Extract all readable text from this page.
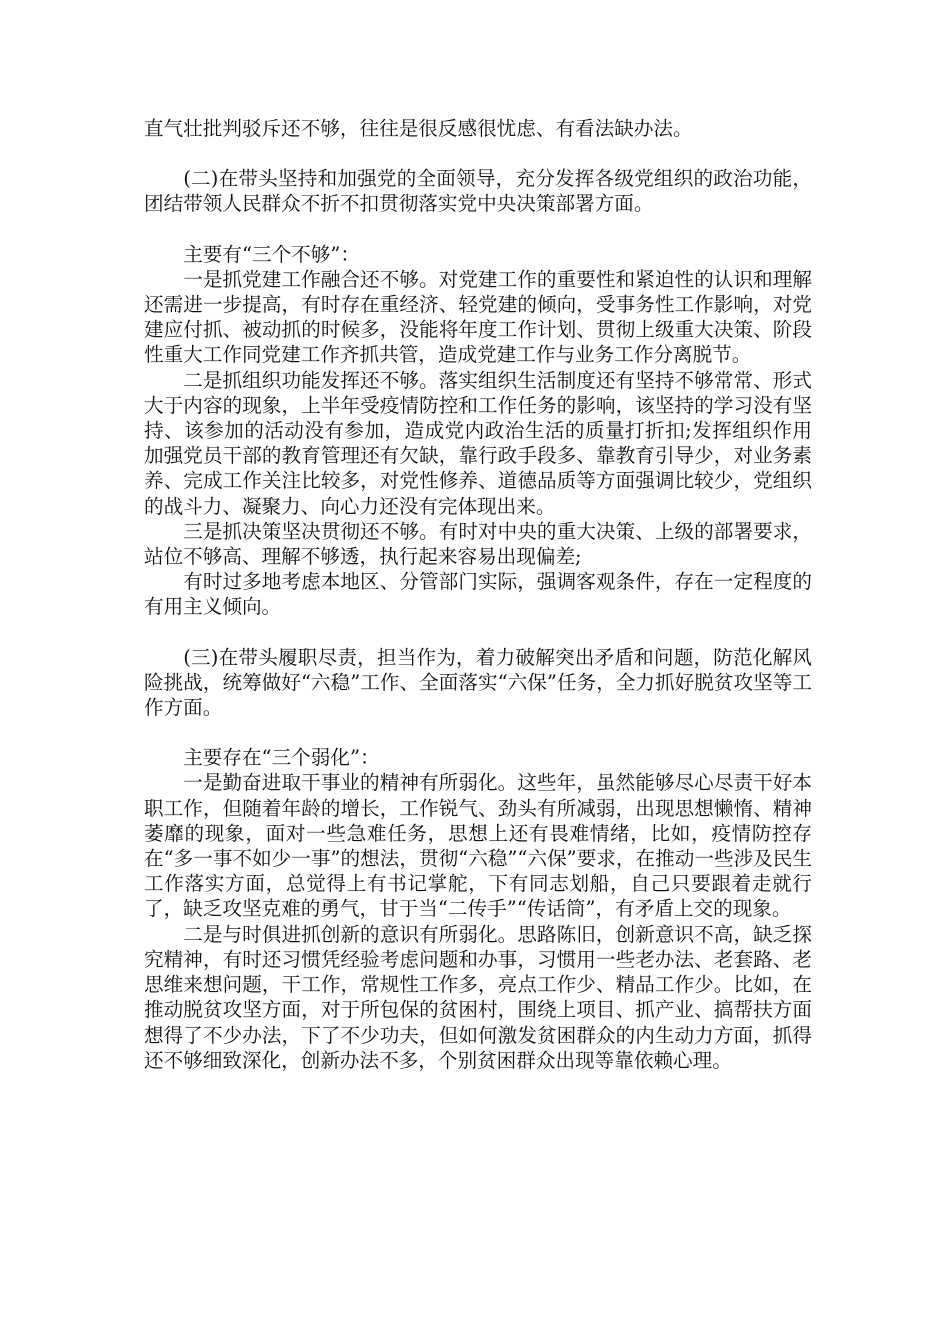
直气壮批判驳斥还不够，往往是很反感很忧虑、有看法缺办法。

(二)在带头坚持和加强党的全面领导，充分发挥各级党组织的政治功能，团结带领人民群众不折不扣贯彻落实党中央决策部署方面。

主要有“三个不够”：

一是抓党建工作融合还不够。对党建工作的重要性和紧迫性的认识和理解还需进一步提高，有时存在重经济、轻党建的倾向，受事务性工作影响，对党建应付抓、被动抓的时候多，没能将年度工作计划、贯彻上级重大决策、阶段性重大工作同党建工作齐抓共管，造成党建工作与业务工作分离脱节。

二是抓组织功能发挥还不够。落实组织生活制度还有坚持不够常常、形式大于内容的现象，上半年受疫情防控和工作任务的影响，该坚持的学习没有坚持、该参加的活动没有参加，造成党内政治生活的质量打折扣;发挥组织作用加强党员干部的教育管理还有欠缺，靠行政手段多、靠教育引导少，对业务素养、完成工作关注比较多，对党性修养、道德品质等方面强调比较少，党组织的战斗力、凝聚力、向心力还没有完体现出来。

三是抓决策坚决贯彻还不够。有时对中央的重大决策、上级的部署要求，站位不够高、理解不够透，执行起来容易出现偏差;

有时过多地考虑本地区、分管部门实际，强调客观条件，存在一定程度的有用主义倾向。

(三)在带头履职尽责，担当作为，着力破解突出矛盾和问题，防范化解风险挑战，统筹做好“六稳”工作、全面落实“六保”任务，全力抓好脱贫攻坚等工作方面。

主要存在“三个弱化”：

一是勤奋进取干事业的精神有所弱化。这些年，虽然能够尽心尽责干好本职工作，但随着年龄的增长，工作锐气、劲头有所减弱，出现思想懒惰、精神萎靡的现象，面对一些急难任务，思想上还有畏难情绪，比如，疫情防控存在“多一事不如少一事”的想法，贯彻“六稳”“六保”要求，在推动一些涉及民生工作落实方面，总觉得上有书记掌舵，下有同志划船，自己只要跟着走就行了，缺乏攻坚克难的勇气，甘于当“二传手”“传话筒”，有矛盾上交的现象。

二是与时俱进抓创新的意识有所弱化。思路陈旧，创新意识不高，缺乏探究精神，有时还习惯凭经验考虑问题和办事，习惯用一些老办法、老套路、老思维来想问题，干工作，常规性工作多，亮点工作少、精品工作少。比如，在推动脱贫攻坚方面，对于所包保的贫困村，围绕上项目、抓产业、搞帮扶方面想得了不少办法，下了不少功夫，但如何激发贫困群众的内生动力方面，抓得还不够细致深化，创新办法不多，个别贫困群众出现等靠依赖心理。
